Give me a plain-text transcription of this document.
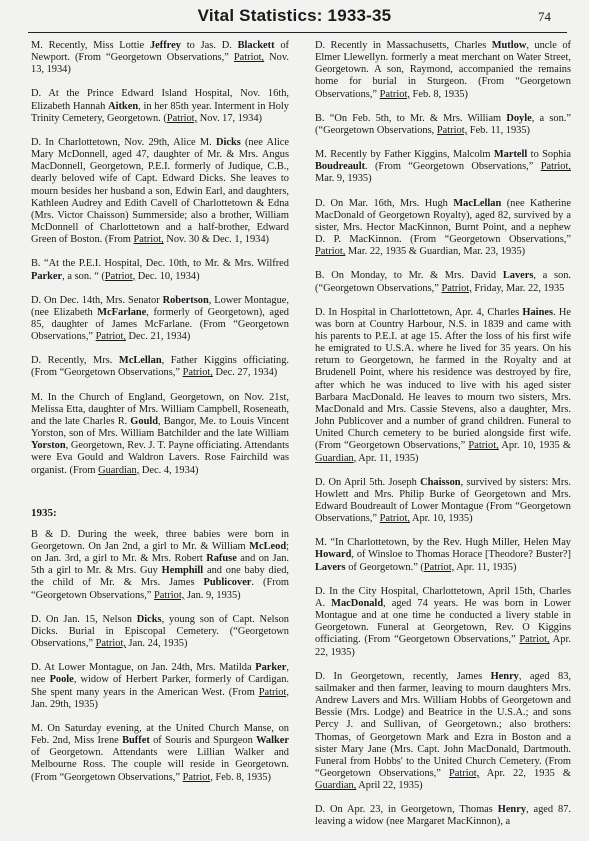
Vital Statistics: 1933-35	74

M. Recently, Miss Lottie Jeffrey to Jas. D. Blackett of Newport. (From “Georgetown Observations,” Patriot, Nov. 13, 1934)

D. At the Prince Edward Island Hospital, Nov. 16th, Elizabeth Hannah Aitken, in her 85th year. Interment in Holy Trinity Cemetery, Georgetown. (Patriot, Nov. 17, 1934)

D. In Charlottetown, Nov. 29th, Alice M. Dicks (nee Alice Mary McDonnell, aged 47, daughter of Mr. & Mrs. Angus MacDonnell, Georgetown, P.E.I. formerly of Judique, C.B., dearly beloved wife of Capt. Edward Dicks. She leaves to mourn besides her husband a son, Edwin Earl, and daughters, Kathleen Audrey and Edith Cavell of Charlottetown & Edna (Mrs. Victor Chaisson) Summerside; also a brother, William McDonnell of Charlottetown and a half-brother, Edward Green of Boston. (From Patriot, Nov. 30 & Dec. 1, 1934)

B. “At the P.E.I. Hospital, Dec. 10th, to Mr. & Mrs. Wilfred Parker, a son. “ (Patriot, Dec. 10, 1934)

D. On Dec. 14th, Mrs. Senator Robertson, Lower Montague, (nee Elizabeth McFarlane, formerly of Georgetown), aged 85, daughter of James McFarlane. (From “Georgetown Observations,” Patriot, Dec. 21, 1934)

D. Recently, Mrs. McLellan, Father Kiggins officiating. (From “Georgetown Observations,” Patriot, Dec. 27, 1934)

M. In the Church of England, Georgetown, on Nov. 21st, Melissa Etta, daughter of Mrs. William Campbell, Roseneath, and the late Charles R. Gould, Bangor, Me. to Louis Vincent Yorston, son of Mrs. William Batchilder and the late William Yorston, Georgetown, Rev. J. T. Payne officiating. Attendants were Eva Gould and Waldron Lavers. Rose Fairchild was organist. (From Guardian, Dec. 4, 1934)

1935:

B & D. During the week, three babies were born in Georgetown. On Jan 2nd, a girl to Mr. & William McLeod; on Jan. 3rd, a girl to Mr. & Mrs. Robert Rafuse and on Jan. 5th a girl to Mr. & Mrs. Guy Hemphill and one baby died, the child of Mr. & Mrs. James Publicover. (From “Georgetown Observations,” Patriot, Jan. 9, 1935)

D. On Jan. 15, Nelson Dicks, young son of Capt. Nelson Dicks. Burial in Episcopal Cemetery. (“Georgetown Observations,” Patriot, Jan. 24, 1935)

D. At Lower Montague, on Jan. 24th, Mrs. Matilda Parker, nee Poole, widow of Herbert Parker, formerly of Cardigan. She spent many years in the American West. (From Patriot, Jan. 29th, 1935)

M. On Saturday evening, at the United Church Manse, on Feb. 2nd, Miss Irene Buffet of Souris and Spurgeon Walker of Georgetown. Attendants were Lillian Walker and Melbourne Ross. The couple will reside in Georgetown. (From “Georgetown Observations,” Patriot, Feb. 8, 1935)

D. Recently in Massachusetts, Charles Mutlow, uncle of Elmer Llewellyn. formerly a meat merchant on Water Street, Georgetown. A son, Raymond, accompanied the remains home for burial in Sturgeon. (From “Georgetown Observations,” Patriot, Feb. 8, 1935)

B. “On Feb. 5th, to Mr. & Mrs. William Doyle, a son.” (“Georgetown Observations, Patriot, Feb. 11, 1935)

M. Recently by Father Kiggins, Malcolm Martell to Sophia Boudreault. (From “Georgetown Observations,” Patriot, Mar. 9, 1935)

D. On Mar. 16th, Mrs. Hugh MacLellan (nee Katherine MacDonald of Georgetown Royalty), aged 82, survived by a sister, Mrs. Hector MacKinnon, Burnt Point, and a nephew D. P. MacKinnon. (From “Georgetown Observations,” Patriot, Mar. 22, 1935 & Guardian, Mar. 23, 1935)

B. On Monday, to Mr. & Mrs. David Lavers, a son. (“Georgetown Observations,” Patriot, Friday, Mar. 22, 1935

D. In Hospital in Charlottetown, Apr. 4, Charles Haines. He was born at Country Harbour, N.S. in 1839 and came with his parents to P.E.I. at age 15. After the loss of his first wife he emigrated to U.S.A. where he lived for 35 years. On his return to Georgetown, he farmed in the Royalty and at Brudenell Point, where his residence was destroyed by fire, after which he was induced to live with his aged sister Barbara MacDonald. He leaves to mourn two sisters, Mrs. MacDonald and Mrs. Cassie Stevens, also a daughter, Mrs. John Publicover and a number of grand children. Funeral to United Church cemetery to be buried alongside first wife. (From “Georgetown Observations,” Patriot, Apr. 10, 1935 & Guardian, Apr. 11, 1935)

D. On April 5th. Joseph Chaisson, survived by sisters: Mrs. Howlett and Mrs. Philip Burke of Georgetown and Mrs. Edward Boudreault of Lower Montague (From “Georgetown Observations,” Patriot, Apr. 10, 1935)

M. “In Charlottetown, by the Rev. Hugh Miller, Helen May Howard, of Winsloe to Thomas Horace [Theodore? Buster?] Lavers of Georgetown.” (Patriot, Apr. 11, 1935)

D. In the City Hospital, Charlottetown, April 15th, Charles A. MacDonald, aged 74 years. He was born in Lower Montague and at one time he conducted a livery stable in Georgetown. Funeral at Georgetown, Rev. O Kiggins officiating. (From “Georgetown Observations,” Patriot, Apr. 22, 1935)

D. In Georgetown, recently, James Henry, aged 83, sailmaker and then farmer, leaving to mourn daughters Mrs. Andrew Lavers and Mrs. William Hobbs of Georgetown and Bessie (Mrs. Lodge) and Beatrice in the U.S.A.; and sons Percy J. and Sullivan, of Georgetown.; also brothers: Thomas, of Georgetown Mark and Ezra in Boston and a sister Mary Jane (Mrs. Capt. John MacDonald, Dartmouth. Funeral from Hobbs' to the United Church Cemetery. (From “Georgetown Observations,” Patriot, Apr. 22, 1935 & Guardian, April 22, 1935)

D. On Apr. 23, in Georgetown, Thomas Henry, aged 87. leaving a widow (nee Margaret MacKinnon), a
